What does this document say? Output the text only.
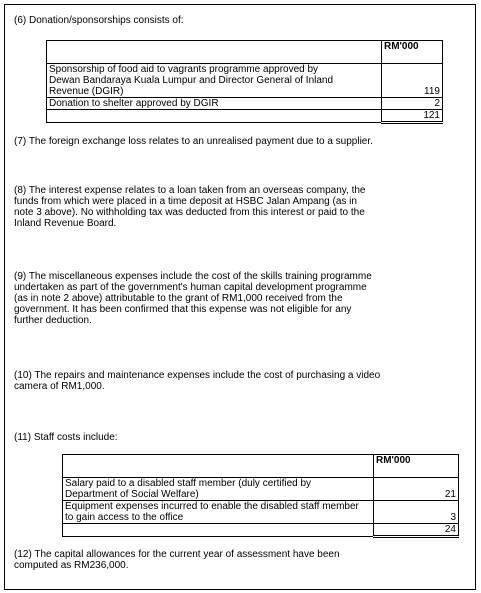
(6) Donation/sponsorships consists of:

	RM'000
Sponsorship of food aid to vagrants programme approved by
Dewan Bandaraya Kuala Lumpur and Director General of Inland
Revenue (DGIR)	119
Donation to shelter approved by DGIR	2
	121
(7) The foreign exchange loss relates to an unrealised payment due to a supplier.
(8) The interest expense relates to a loan taken from an overseas company, the
funds from which were placed in a time deposit at HSBC Jalan Ampang (as in
note 3 above). No withholding tax was deducted from this interest or paid to the
Inland Revenue Board.
(9) The miscellaneous expenses include the cost of the skills training programme
undertaken as part of the government's human capital development programme
(as in note 2 above) attributable to the grant of RM1,000 received from the
government. It has been confirmed that this expense was not eligible for any
further deduction.
(10) The repairs and maintenance expenses include the cost of purchasing a video
camera of RM1,000.
(11) Staff costs include:

	RM'000
Salary paid to a disabled staff member (duly certified by
Department of Social Welfare)	21
Equipment expenses incurred to enable the disabled staff member
to gain access to the office	3
	24
(12) The capital allowances for the current year of assessment have been
computed as RM236,000.
